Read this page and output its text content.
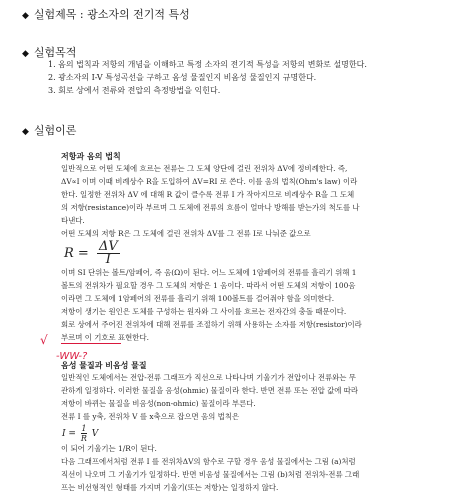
◆ 실험제목 : 광소자의 전기적 특성
◆ 실험목적
1. 옴의 법칙과 저항의 개념을 이해하고 특정 소자의 전기적 특성을 저항의 변화로 설명한다.
2. 광소자의 I-V 특성곡선을 구하고 옴성 물질인지 비옴성 물질인지 규명한다.
3. 회로 상에서 전류와 전압의 측정방법을 익힌다.
◆ 실험이론
저항과 옴의 법칙
일반적으로 어떤 도체에 흐르는 전류는 그 도체 양단에 걸린 전위차 ΔV에 정비례한다. 즉,
ΔV∝I 이며 이때 비례상수 R을 도입하여 ΔV=RI 로 쓴다. 이를 옴의 법칙(Ohm's law) 이라
한다. 일정한 전위차 ΔV 에 대해 R 값이 클수록 전류 I 가 작아지므로 비례상수 R을 그 도체
의 저항(resistance)이라 부르며 그 도체에 전류의 흐름이 얼마나 방해를 받는가의 척도를 나
타낸다.
어떤 도체의 저항 R은 그 도체에 걸린 전위차 ΔV를 그 전류 I로 나눠준 값으로
$R = \frac{\Delta V}{I}$
이며 SI 단위는 볼트/암페어, 즉 옴(Ω)이 된다. 어느 도체에 1암페어의 전류를 흘리기 위해 1
볼트의 전위차가 필요할 경우 그 도체의 저항은 1 옴이다. 따라서 어떤 도체의 저항이 100옴
이라면 그 도체에 1암페어의 전류를 흘리기 위해 100볼트를 걸어줘야 함을 의미한다.
저항이 생기는 원인은 도체를 구성하는 원자와 그 사이를 흐르는 전자간의 충돌 때문이다.
회로 상에서 주어진 전위차에 대해 전류를 조절하기 위해 사용하는 소자를 저항(resistor)이라
부르며 이 기호로 표현한다.
√
-WW-?
옴성 물질과 비옴성 물질
일반적인 도체에서는 전압-전류 그래프가 직선으로 나타나며 기울기가 전압이나 전류와는 무
관하게 일정하다. 이러한 물질을 옴성(ohmic) 물질이라 한다. 반면 전류 또는 전압 값에 따라
저항이 바뀌는 물질을 비옴성(non-ohmic) 물질이라 부른다.
전류 I 를 y축, 전위차 V 를 x축으로 잡으면 옴의 법칙은
$I = \frac{1}{R}$ V
이 되어 기울기는 1/R이 된다.
다음 그래프에서처럼 전류 I 를 전위차ΔV의 함수로 구할 경우 옴성 물질에서는 그림 (a)처럼
직선이 나오며 그 기울기가 일정하다. 반면 비옴성 물질에서는 그림 (b)처럼 전위차-전류 그래
프는 비선형적인 형태를 가지며 기울기(또는 저항)는 일정하지 않다.
